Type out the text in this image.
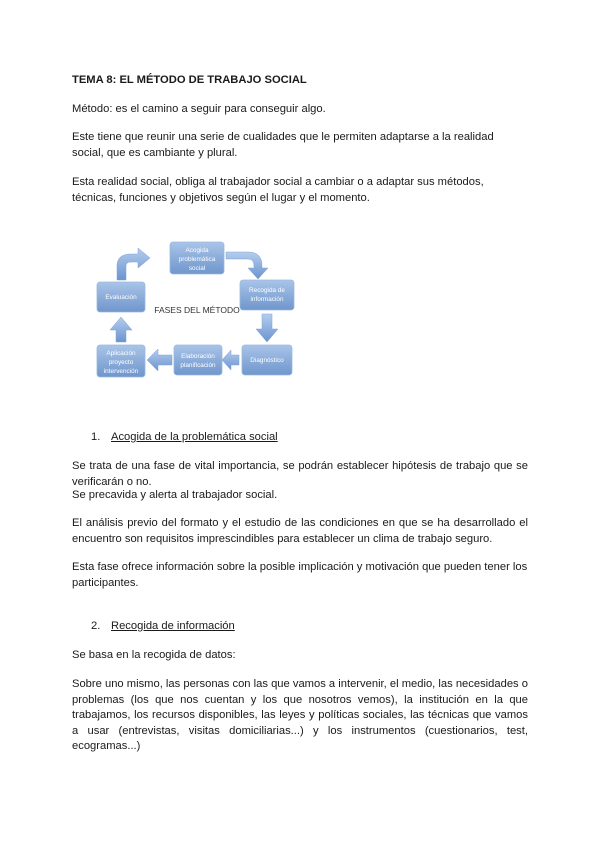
TEMA 8: EL MÉTODO DE TRABAJO SOCIAL

Método: es el camino a seguir para conseguir algo.

Este tiene que reunir una serie de cualidades que le permiten adaptarse a la realidad social, que es cambiante y plural.

Esta realidad social, obliga al trabajador social a cambiar o a adaptar sus métodos, técnicas, funciones y objetivos según el lugar y el momento.

FASES DEL MÉTODO
Acogida
problemática
social
Recogida de
información
Diagnóstico
Elaboración
planificación
Aplicación
proyecto
intervención
Evaluación
1. Acogida de la problemática social

Se trata de una fase de vital importancia, se podrán establecer hipótesis de trabajo que se verificarán o no.

Se precavida y alerta al trabajador social.

El análisis previo del formato y el estudio de las condiciones en que se ha desarrollado el encuentro son requisitos imprescindibles para establecer un clima de trabajo seguro.

Esta fase ofrece información sobre la posible implicación y motivación que pueden tener los participantes.

2. Recogida de información

Se basa en la recogida de datos:

Sobre uno mismo, las personas con las que vamos a intervenir, el medio, las necesidades o problemas (los que nos cuentan y los que nosotros vemos), la institución en la que trabajamos, los recursos disponibles, las leyes y políticas sociales, las técnicas que vamos a usar (entrevistas, visitas domiciliarias...) y los instrumentos (cuestionarios, test, ecogramas...)
